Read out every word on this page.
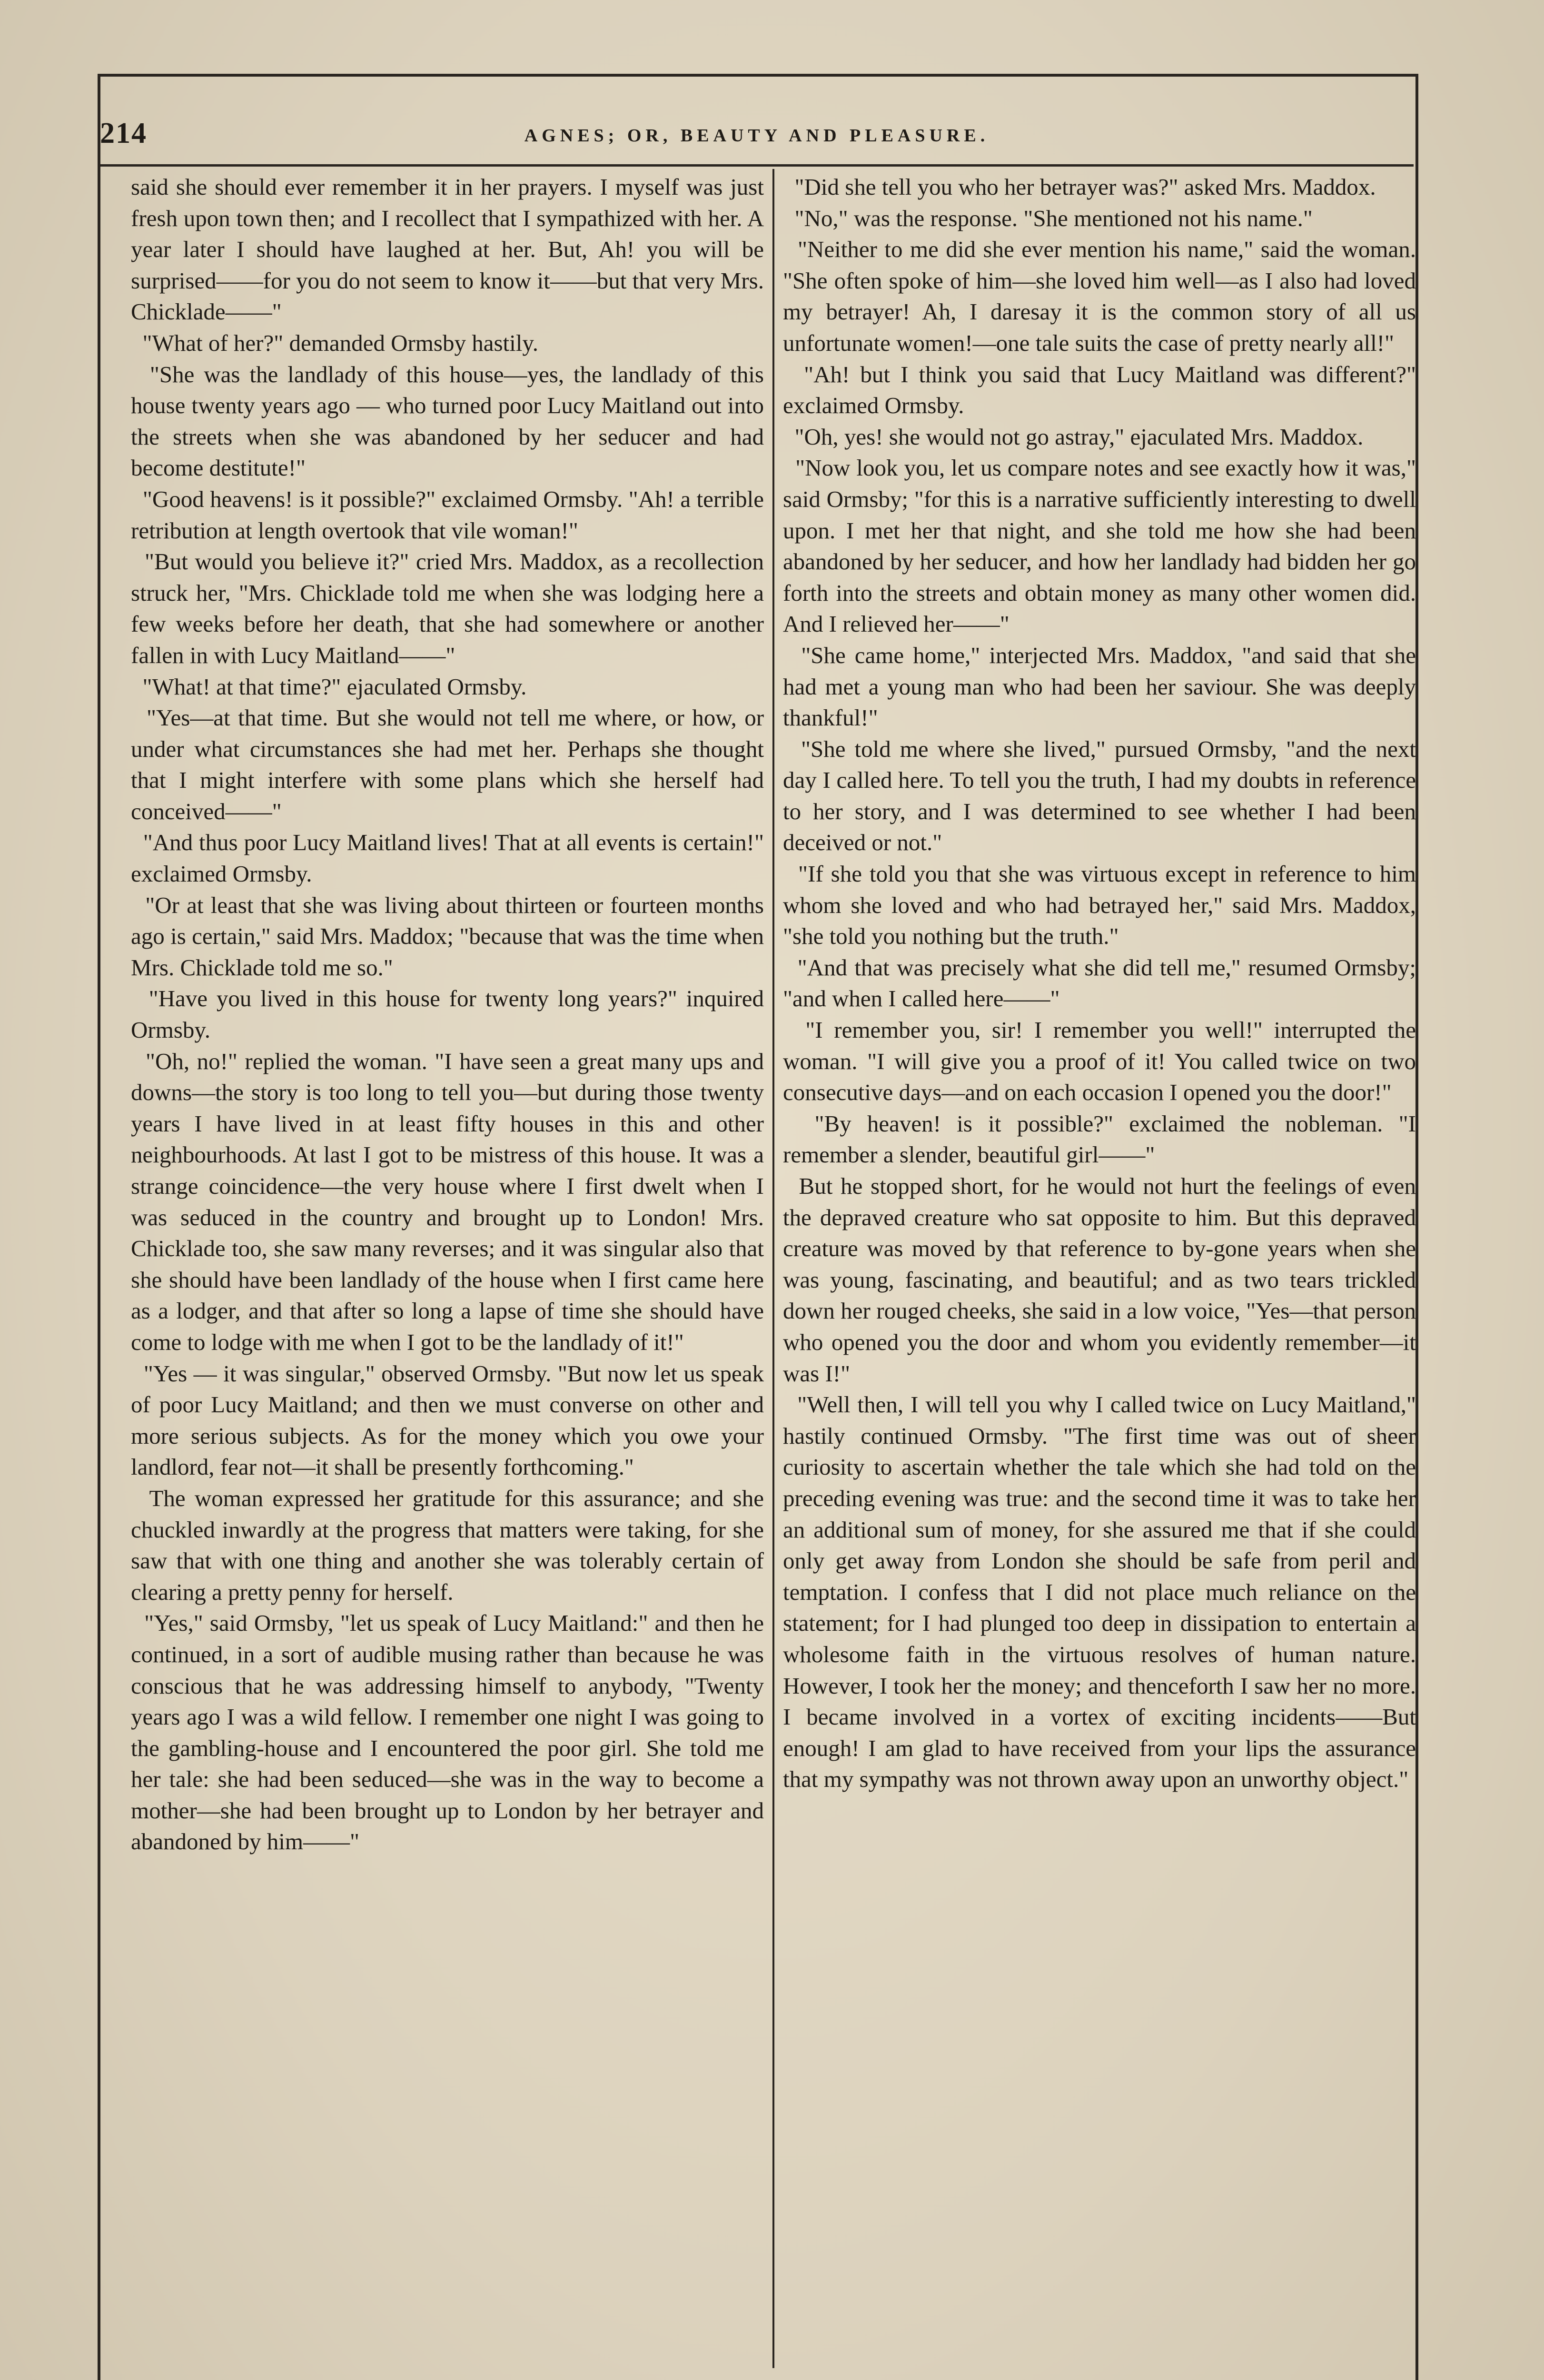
214	AGNES; OR, BEAUTY AND PLEASURE.
said she should ever remember it in her prayers. I myself was just fresh upon town then; and I recollect that I sympathized with her. A year later I should have laughed at her. But, Ah! you will be surprised——for you do not seem to know it——but that very Mrs. Chicklade——"
"What of her?" demanded Ormsby hastily.
"She was the landlady of this house—yes, the landlady of this house twenty years ago — who turned poor Lucy Maitland out into the streets when she was abandoned by her seducer and had become destitute!"
"Good heavens! is it possible?" exclaimed Ormsby. "Ah! a terrible retribution at length overtook that vile woman!"
"But would you believe it?" cried Mrs. Maddox, as a recollection struck her, "Mrs. Chicklade told me when she was lodging here a few weeks before her death, that she had somewhere or another fallen in with Lucy Maitland——"
"What! at that time?" ejaculated Ormsby.
"Yes—at that time. But she would not tell me where, or how, or under what circumstances she had met her. Perhaps she thought that I might interfere with some plans which she herself had conceived——"
"And thus poor Lucy Maitland lives! That at all events is certain!" exclaimed Ormsby.
"Or at least that she was living about thirteen or fourteen months ago is certain," said Mrs. Maddox; "because that was the time when Mrs. Chicklade told me so."
"Have you lived in this house for twenty long years?" inquired Ormsby.
"Oh, no!" replied the woman. "I have seen a great many ups and downs—the story is too long to tell you—but during those twenty years I have lived in at least fifty houses in this and other neighbourhoods. At last I got to be mistress of this house. It was a strange coincidence—the very house where I first dwelt when I was seduced in the country and brought up to London! Mrs. Chicklade too, she saw many reverses; and it was singular also that she should have been landlady of the house when I first came here as a lodger, and that after so long a lapse of time she should have come to lodge with me when I got to be the landlady of it!"
"Yes — it was singular," observed Ormsby. "But now let us speak of poor Lucy Maitland; and then we must converse on other and more serious subjects. As for the money which you owe your landlord, fear not—it shall be presently forthcoming."
The woman expressed her gratitude for this assurance; and she chuckled inwardly at the progress that matters were taking, for she saw that with one thing and another she was tolerably certain of clearing a pretty penny for herself.
"Yes," said Ormsby, "let us speak of Lucy Maitland:" and then he continued, in a sort of audible musing rather than because he was conscious that he was addressing himself to anybody, "Twenty years ago I was a wild fellow. I remember one night I was going to the gambling-house and I encountered the poor girl. She told me her tale: she had been seduced—she was in the way to become a mother—she had been brought up to London by her betrayer and abandoned by him——"
"Did she tell you who her betrayer was?" asked Mrs. Maddox.
"No," was the response. "She mentioned not his name."
"Neither to me did she ever mention his name," said the woman. "She often spoke of him—she loved him well—as I also had loved my betrayer! Ah, I daresay it is the common story of all us unfortunate women!—one tale suits the case of pretty nearly all!"
"Ah! but I think you said that Lucy Maitland was different?" exclaimed Ormsby.
"Oh, yes! she would not go astray," ejaculated Mrs. Maddox.
"Now look you, let us compare notes and see exactly how it was," said Ormsby; "for this is a narrative sufficiently interesting to dwell upon. I met her that night, and she told me how she had been abandoned by her seducer, and how her landlady had bidden her go forth into the streets and obtain money as many other women did. And I relieved her——"
"She came home," interjected Mrs. Maddox, "and said that she had met a young man who had been her saviour. She was deeply thankful!"
"She told me where she lived," pursued Ormsby, "and the next day I called here. To tell you the truth, I had my doubts in reference to her story, and I was determined to see whether I had been deceived or not."
"If she told you that she was virtuous except in reference to him whom she loved and who had betrayed her," said Mrs. Maddox, "she told you nothing but the truth."
"And that was precisely what she did tell me," resumed Ormsby; "and when I called here——"
"I remember you, sir! I remember you well!" interrupted the woman. "I will give you a proof of it! You called twice on two consecutive days—and on each occasion I opened you the door!"
"By heaven! is it possible?" exclaimed the nobleman. "I remember a slender, beautiful girl——"
But he stopped short, for he would not hurt the feelings of even the depraved creature who sat opposite to him. But this depraved creature was moved by that reference to by-gone years when she was young, fascinating, and beautiful; and as two tears trickled down her rouged cheeks, she said in a low voice, "Yes—that person who opened you the door and whom you evidently remember—it was I!"
"Well then, I will tell you why I called twice on Lucy Maitland," hastily continued Ormsby. "The first time was out of sheer curiosity to ascertain whether the tale which she had told on the preceding evening was true: and the second time it was to take her an additional sum of money, for she assured me that if she could only get away from London she should be safe from peril and temptation. I confess that I did not place much reliance on the statement; for I had plunged too deep in dissipation to entertain a wholesome faith in the virtuous resolves of human nature. However, I took her the money; and thenceforth I saw her no more. I became involved in a vortex of exciting incidents——But enough! I am glad to have received from your lips the assurance that my sympathy was not thrown away upon an unworthy object."
